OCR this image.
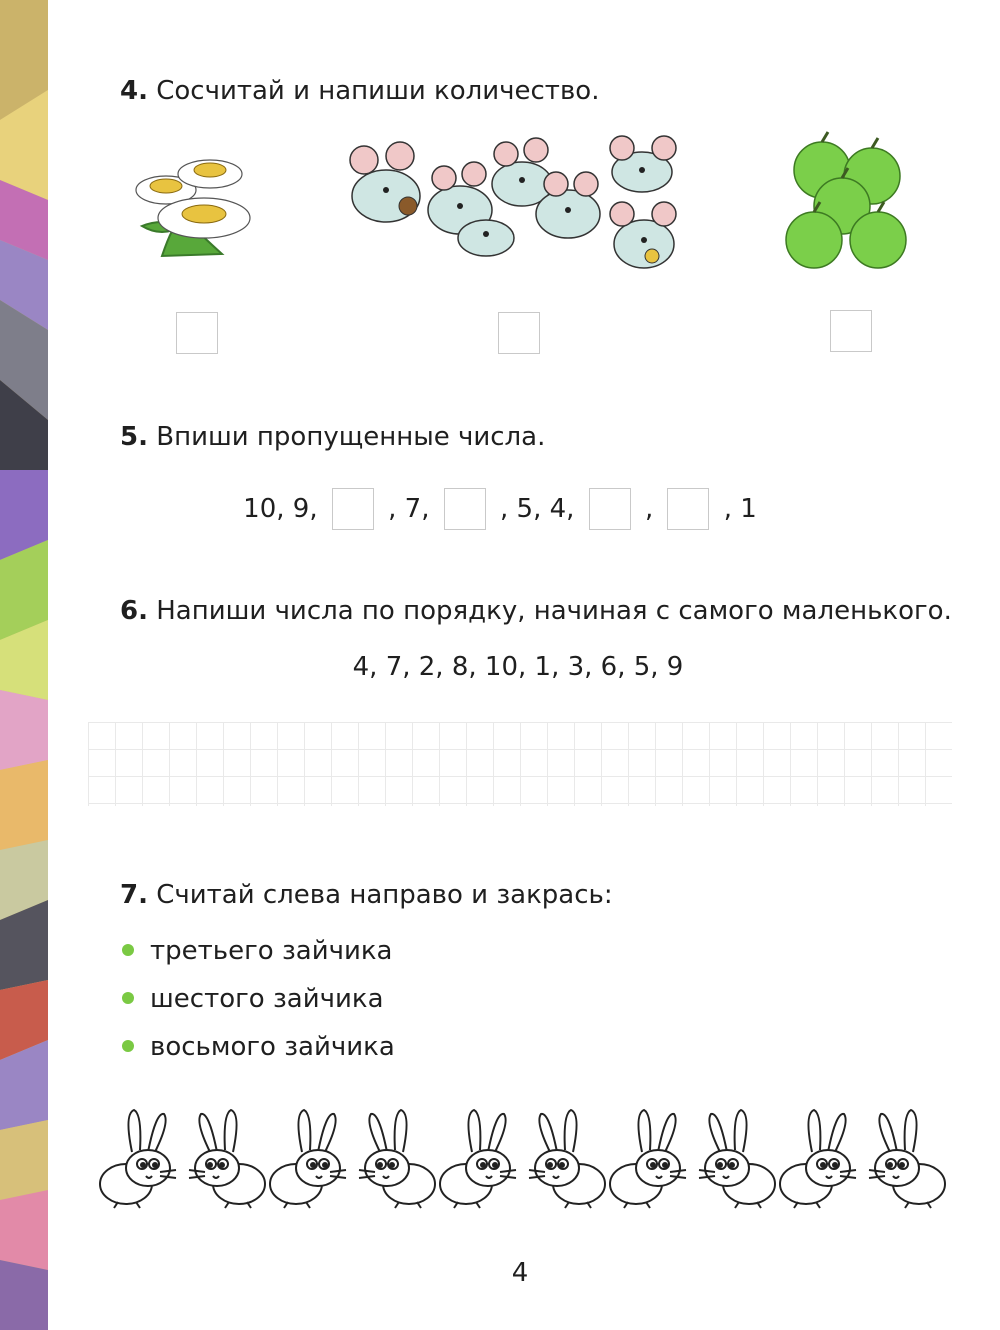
4. Сосчитай и напиши количество.
5. Впиши пропущенные числа.
10, 9,	, 7,	, 5, 4,	,	, 1
6. Напиши числа по порядку, начиная с самого маленького.
4, 7, 2, 8, 10, 1, 3, 6, 5, 9
7. Считай слева направо и закрась:
третьего зайчика
шестого зайчика
восьмого зайчика
4
